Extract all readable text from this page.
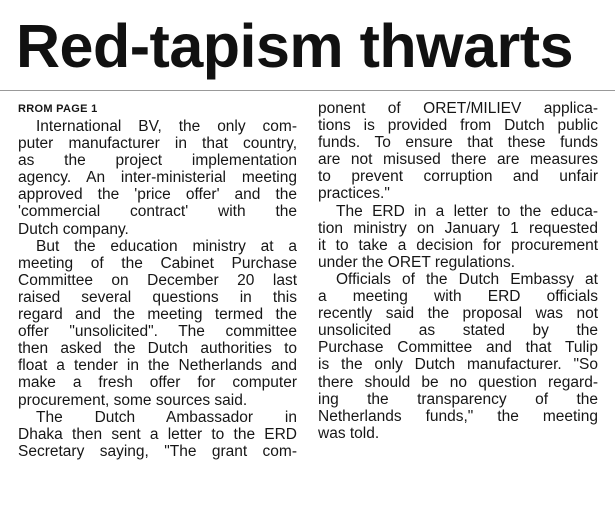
Red-tapism thwarts
RROM PAGE 1
International BV, the only com-
puter manufacturer in that country,
as the project implementation
agency. An inter-ministerial meeting
approved the 'price offer' and the
'commercial contract' with the
Dutch company.
But the education ministry at a
meeting of the Cabinet Purchase
Committee on December 20 last
raised several questions in this
regard and the meeting termed the
offer "unsolicited". The committee
then asked the Dutch authorities to
float a tender in the Netherlands and
make a fresh offer for computer
procurement, some sources said.
The Dutch Ambassador in
Dhaka then sent a letter to the ERD
Secretary saying, "The grant com-
ponent of ORET/MILIEV applica-
tions is provided from Dutch public
funds. To ensure that these funds
are not misused there are measures
to prevent corruption and unfair
practices."
The ERD in a letter to the educa-
tion ministry on January 1 requested
it to take a decision for procurement
under the ORET regulations.
Officials of the Dutch Embassy at
a meeting with ERD officials
recently said the proposal was not
unsolicited as stated by the
Purchase Committee and that Tulip
is the only Dutch manufacturer. "So
there should be no question regard-
ing the transparency of the
Netherlands funds," the meeting
was told.
